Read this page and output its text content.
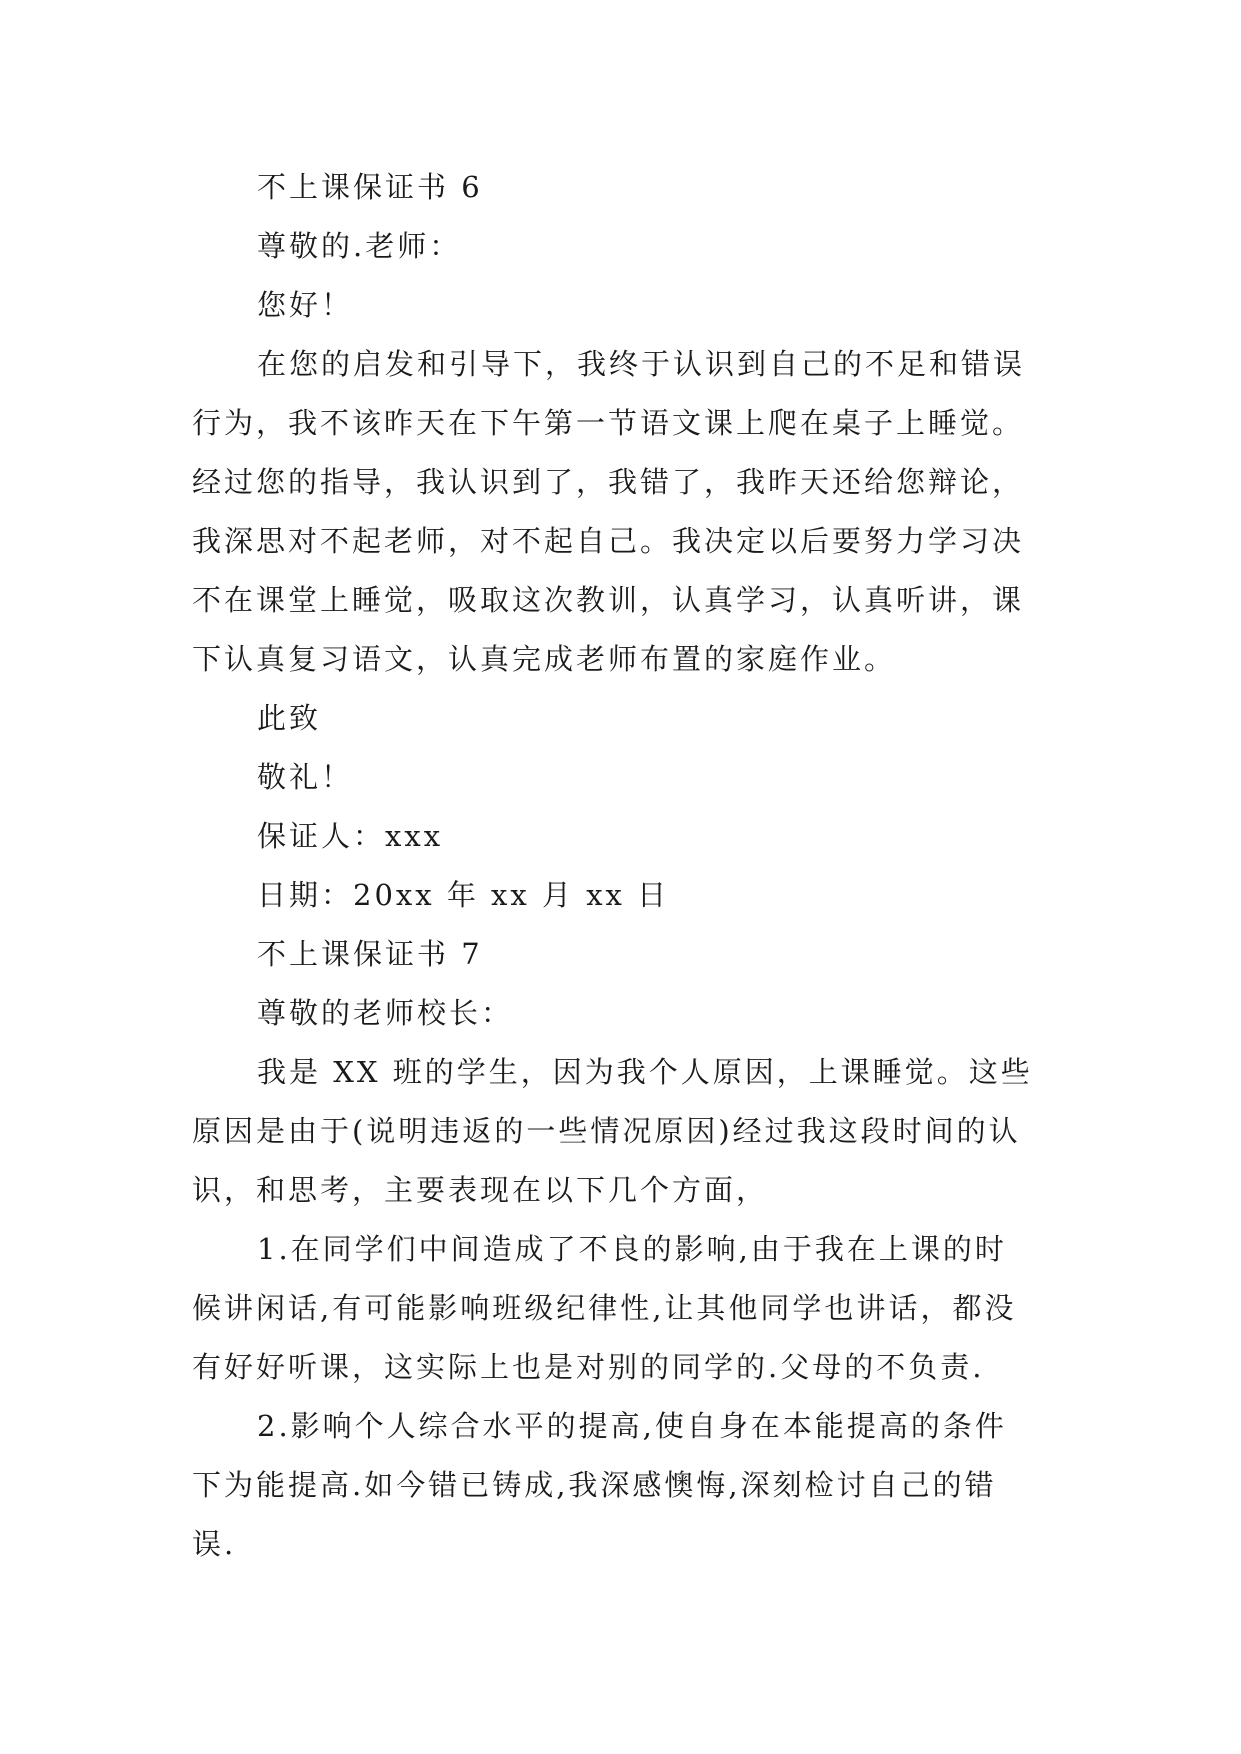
不上课保证书 6
尊敬的.老师：
您好！
在您的启发和引导下，我终于认识到自己的不足和错误
行为，我不该昨天在下午第一节语文课上爬在桌子上睡觉。
经过您的指导，我认识到了，我错了，我昨天还给您辩论，
我深思对不起老师，对不起自己。我决定以后要努力学习决
不在课堂上睡觉，吸取这次教训，认真学习，认真听讲，课
下认真复习语文，认真完成老师布置的家庭作业。
此致
敬礼！
保证人：xxx
日期：20xx 年 xx 月 xx 日
不上课保证书 7
尊敬的老师校长：
我是 XX 班的学生，因为我个人原因，上课睡觉。这些
原因是由于(说明违返的一些情况原因)经过我这段时间的认
识，和思考，主要表现在以下几个方面，
1.在同学们中间造成了不良的影响,由于我在上课的时
候讲闲话,有可能影响班级纪律性,让其他同学也讲话，都没
有好好听课，这实际上也是对别的同学的.父母的不负责.
2.影响个人综合水平的提高,使自身在本能提高的条件
下为能提高.如今错已铸成,我深感懊悔,深刻检讨自己的错
误.
